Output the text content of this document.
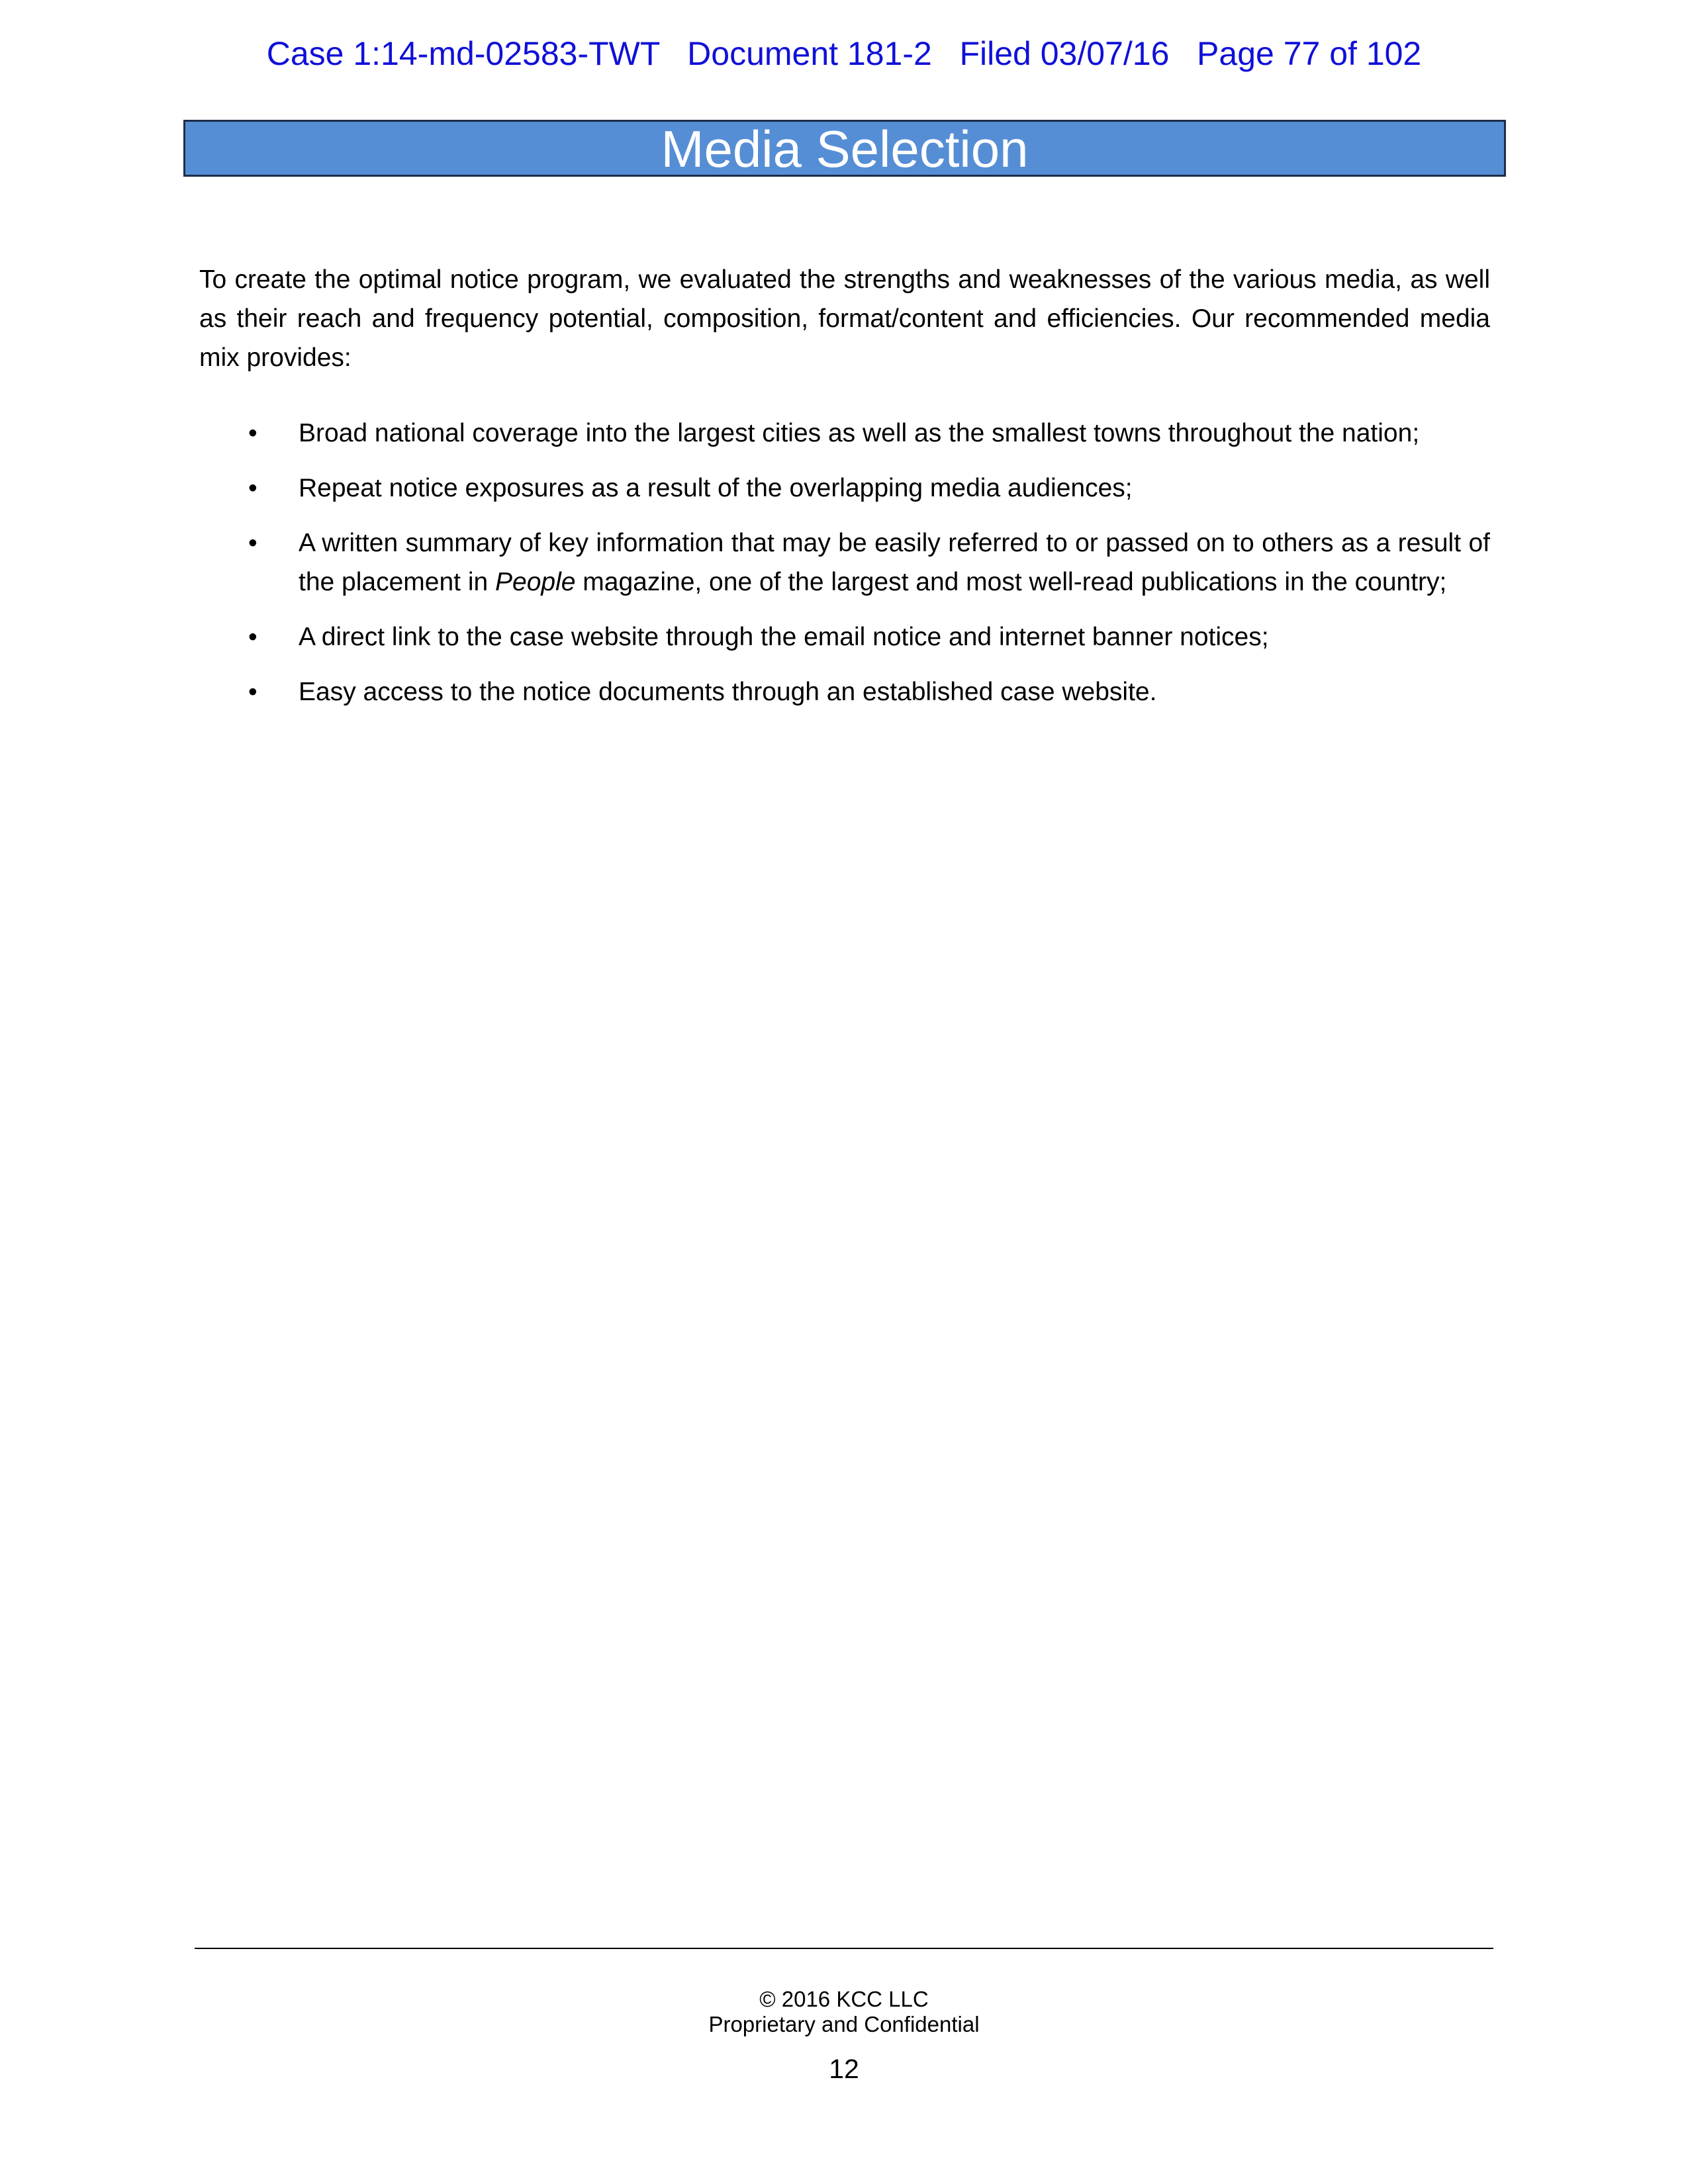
Case 1:14-md-02583-TWT   Document 181-2   Filed 03/07/16   Page 77 of 102
Media Selection

To create the optimal notice program, we evaluated the strengths and weaknesses of the various media, as well as their reach and frequency potential, composition, format/content and efficiencies. Our recommended media mix provides:

• Broad national coverage into the largest cities as well as the smallest towns throughout the nation;
• Repeat notice exposures as a result of the overlapping media audiences;
• A written summary of key information that may be easily referred to or passed on to others as a result of the placement in People magazine, one of the largest and most well-read publications in the country;
• A direct link to the case website through the email notice and internet banner notices;
• Easy access to the notice documents through an established case website.
© 2016 KCC LLC
Proprietary and Confidential
12
